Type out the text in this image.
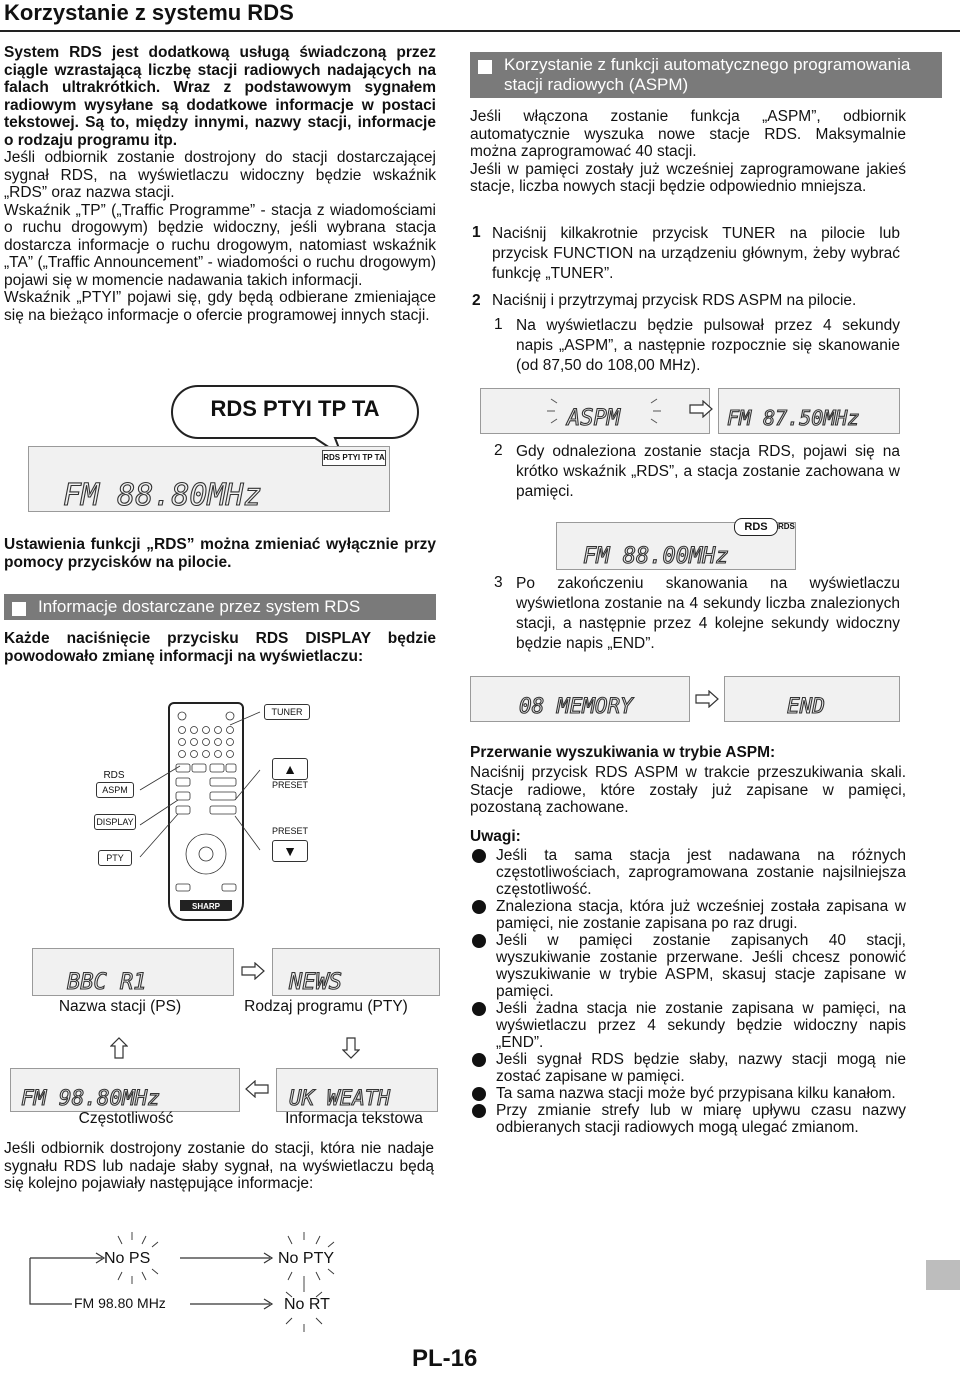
Korzystanie z systemu RDS

System RDS jest dodatkową usługą świadczoną przez ciągle wzrastającą liczbę stacji radiowych nadających na falach ultrakrótkich. Wraz z podstawowym sygnałem radiowym wysyłane są dodatkowe informacje w postaci tekstowej. Są to, między innymi, nazwy stacji, informacje o rodzaju programu itp.

Jeśli odbiornik zostanie dostrojony do stacji dostarczającej sygnał RDS, na wyświetlaczu widoczny będzie wskaźnik „RDS” oraz nazwa stacji.

Wskaźnik „TP” („Traffic Programme” - stacja z wiadomościami o ruchu drogowym) będzie widoczny, jeśli wybrana stacja dostarcza informacje o ruchu drogowym, natomiast wskaźnik „TA” („Traffic Announcement” - wiadomości o ruchu drogowym) pojawi się w momencie nadawania takich informacji.

Wskaźnik „PTYI” pojawi się, gdy będą odbierane zmieniające się na bieżąco informacje o ofercie programowej innych stacji.

RDS PTYI TP TA
FM 88.80MHz
RDS PTYI TP TA

Ustawienia funkcji „RDS” można zmieniać wyłącznie przy pomocy przycisków na pilocie.

Informacje dostarczane przez system RDS

Każde naciśnięcie przycisku RDS DISPLAY będzie powodowało zmianę informacji na wyświetlaczu:

SHARP
RDS
ASPM
DISPLAY
PTY
TUNER
▲
PRESET
PRESET
▼
BBC R1	NEWS
Nazwa stacji (PS)	Rodzaj programu (PTY)
FM 98.80MHz	UK WEATH
Częstotliwość	Informacja tekstowa

Jeśli odbiornik dostrojony zostanie do stacji, która nie nadaje sygnału RDS lub nadaje słaby sygnał, na wyświetlaczu będą się kolejno pojawiały następujące informacje:

No PS	No PTY
FM 98.80 MHz	No RT
Korzystanie z funkcji automatycznego programowania stacji radiowych (ASPM)

Jeśli włączona zostanie funkcja „ASPM”, odbiornik automatycznie wyszuka nowe stacje RDS. Maksymalnie można zaprogramować 40 stacji.

Jeśli w pamięci zostały już wcześniej zaprogramowane jakieś stacje, liczba nowych stacji będzie odpowiednio mniejsza.

1 Naciśnij kilkakrotnie przycisk TUNER na pilocie lub przycisk FUNCTION na urządzeniu głównym, żeby wybrać funkcję „TUNER”.

2 Naciśnij i przytrzymaj przycisk RDS ASPM na pilocie.

1 Na wyświetlaczu będzie pulsował przez 4 sekundy napis „ASPM”, a następnie rozpocznie się skanowanie (od 87,50 do 108,00 MHz).

ASPM	FM 87.50MHz
2 Gdy odnaleziona zostanie stacja RDS, pojawi się na krótko wskaźnik „RDS”, a stacja zostanie zachowana w pamięci.

FM 88.00MHz
RDS	RDS
3 Po zakończeniu skanowania na wyświetlaczu wyświetlona zostanie na 4 sekundy liczba znalezionych stacji, a następnie przez 4 kolejne sekundy widoczny będzie napis „END”.

08 MEMORY	END
Przerwanie wyszukiwania w trybie ASPM:

Naciśnij przycisk RDS ASPM w trakcie przeszukiwania skali. Stacje radiowe, które zostały już zapisane w pamięci, pozostaną zachowane.

Uwagi:

Jeśli ta sama stacja jest nadawana na różnych częstotliwościach, zaprogramowana zostanie najsilniejsza częstotliwość.

Znaleziona stacja, która już wcześniej została zapisana w pamięci, nie zostanie zapisana po raz drugi.

Jeśli w pamięci zostanie zapisanych 40 stacji, wyszukiwanie zostanie przerwane. Jeśli chcesz ponowić wyszukiwanie w trybie ASPM, skasuj stacje zapisane w pamięci.

Jeśli żadna stacja nie zostanie zapisana w pamięci, na wyświetlaczu przez 4 sekundy będzie widoczny napis „END”.

Jeśli sygnał RDS będzie słaby, nazwy stacji mogą nie zostać zapisane w pamięci.

Ta sama nazwa stacji może być przypisana kilku kanałom.

Przy zmianie strefy lub w miarę upływu czasu nazwy odbieranych stacji radiowych mogą ulegać zmianom.

PL-16
